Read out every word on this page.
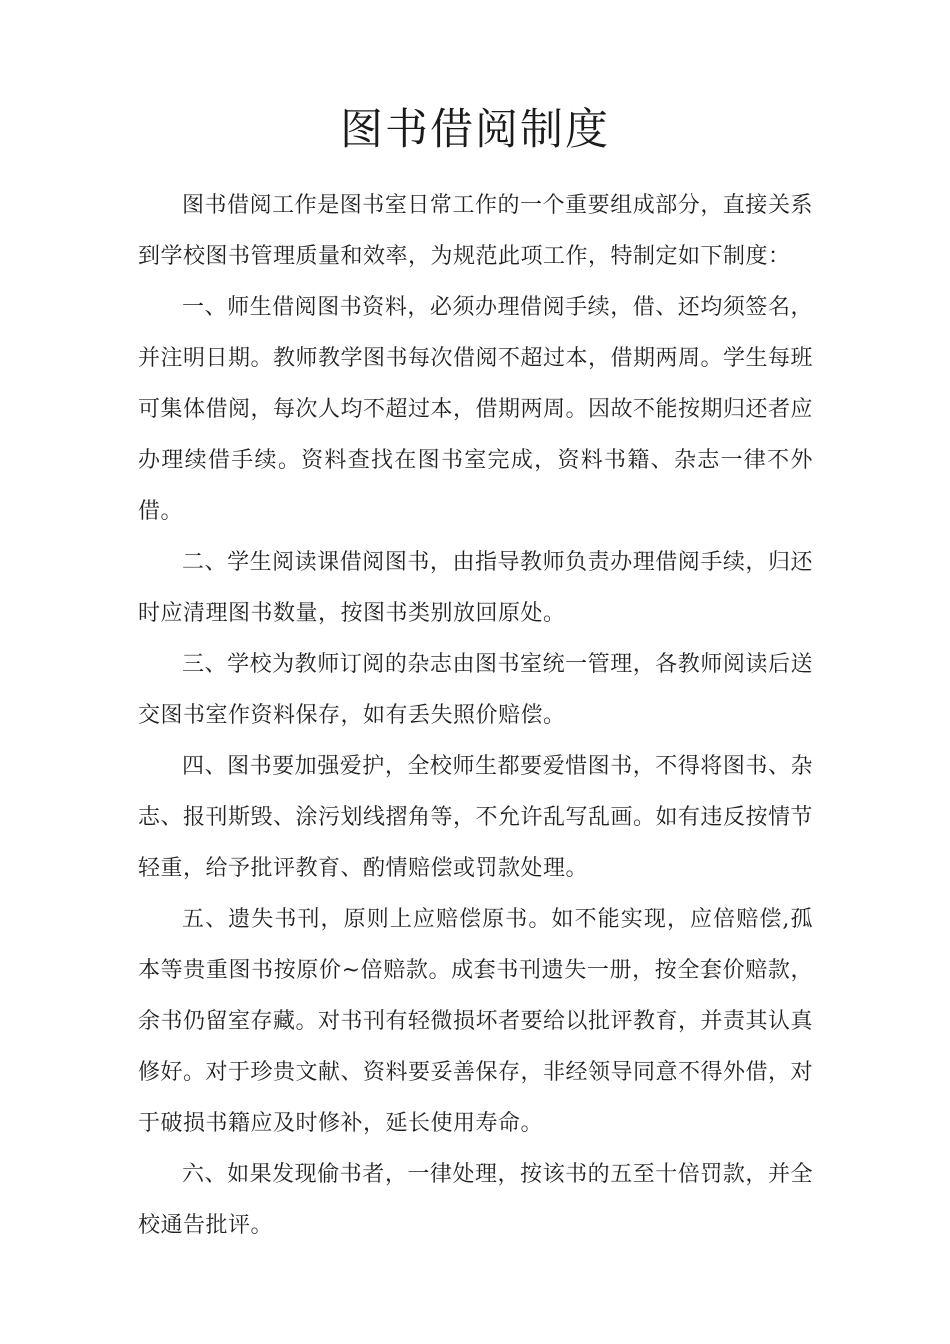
图书借阅制度

图书借阅工作是图书室日常工作的一个重要组成部分，直接关系到学校图书管理质量和效率，为规范此项工作，特制定如下制度：

一、师生借阅图书资料，必须办理借阅手续，借、还均须签名，并注明日期。教师教学图书每次借阅不超过本，借期两周。学生每班可集体借阅，每次人均不超过本，借期两周。因故不能按期归还者应办理续借手续。资料查找在图书室完成，资料书籍、杂志一律不外借。

二、学生阅读课借阅图书，由指导教师负责办理借阅手续，归还时应清理图书数量，按图书类别放回原处。

三、学校为教师订阅的杂志由图书室统一管理，各教师阅读后送交图书室作资料保存，如有丢失照价赔偿。

四、图书要加强爱护，全校师生都要爱惜图书，不得将图书、杂志、报刊斯毁、涂污划线摺角等，不允许乱写乱画。如有违反按情节轻重，给予批评教育、酌情赔偿或罚款处理。

五、遗失书刊，原则上应赔偿原书。如不能实现，应倍赔偿,孤本等贵重图书按原价~倍赔款。成套书刊遗失一册，按全套价赔款，余书仍留室存藏。对书刊有轻微损坏者要给以批评教育，并责其认真修好。对于珍贵文献、资料要妥善保存，非经领导同意不得外借，对于破损书籍应及时修补，延长使用寿命。

六、如果发现偷书者，一律处理，按该书的五至十倍罚款，并全校通告批评。
